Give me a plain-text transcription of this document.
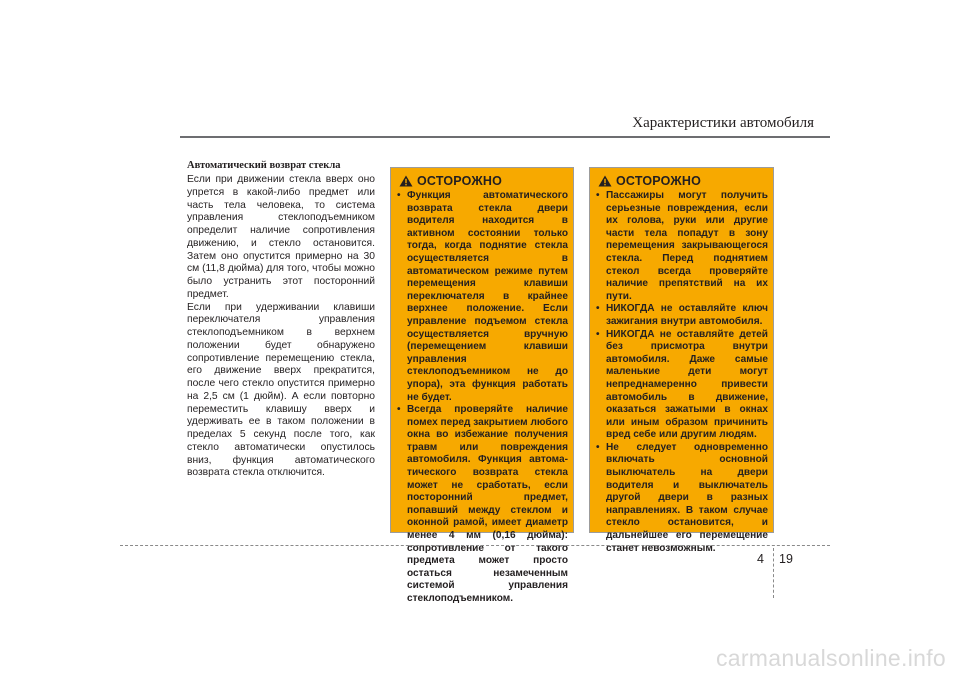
Характеристики автомобиля
Автоматический возврат стекла

Если при движении стекла вверх оно упрется в какой-либо предмет или часть тела человека, то система управления стеклоподъемником определит наличие сопротивления движению, и стекло остановится. Затем оно опустится примерно на 30 см (11,8 дюйма) для того, чтобы можно было устранить этот посторонний предмет.

Если при удерживании клавиши переключателя управления стеклоподъемником в верхнем положении будет обнаружено сопротивление перемещению стекла, его движение вверх прекратится, после чего стекло опустится примерно на 2,5 см (1 дюйм). А если повторно переместить клавишу вверх и удерживать ее в таком положении в пределах 5 секунд после того, как стекло автоматически опустилось вниз, функция автоматического возврата стекла отключится.

ОСТОРОЖНО
• Функция автоматического возврата стекла двери водителя находится в активном состоянии только тогда, когда поднятие стекла осуществляется в автоматическом режиме путем перемещения клавиши переключателя в крайнее верхнее положение. Если управление подъемом стекла осуществляется вручную (перемещением клавиши управления стеклоподъемником не до упора), эта функция работать не будет.
• Всегда проверяйте наличие помех перед закрытием любого окна во избежание получения травм или повреждения автомобиля. Функция автома-тического возврата стекла может не сработать, если посторонний предмет, попавший между стеклом и оконной рамой, имеет диаметр менее 4 мм (0,16 дюйма): сопротивление от такого предмета может просто остаться незамеченным системой управления стеклоподъемником.
ОСТОРОЖНО
• Пассажиры могут получить серьезные повреждения, если их голова, руки или другие части тела попадут в зону перемещения закрывающегося стекла. Перед поднятием стекол всегда проверяйте наличие препятствий на их пути.
• НИКОГДА не оставляйте ключ зажигания внутри автомобиля.
• НИКОГДА не оставляйте детей без присмотра внутри автомобиля. Даже самые маленькие дети могут непреднамеренно привести автомобиль в движение, оказаться зажатыми в окнах или иным образом причинить вред себе или другим людям.
• Не следует одновременно включать основной выключатель на двери водителя и выключатель другой двери в разных направлениях. В таком случае стекло остановится, и дальнейшее его перемещение станет невозможным.
4 19
carmanualsonline.info
